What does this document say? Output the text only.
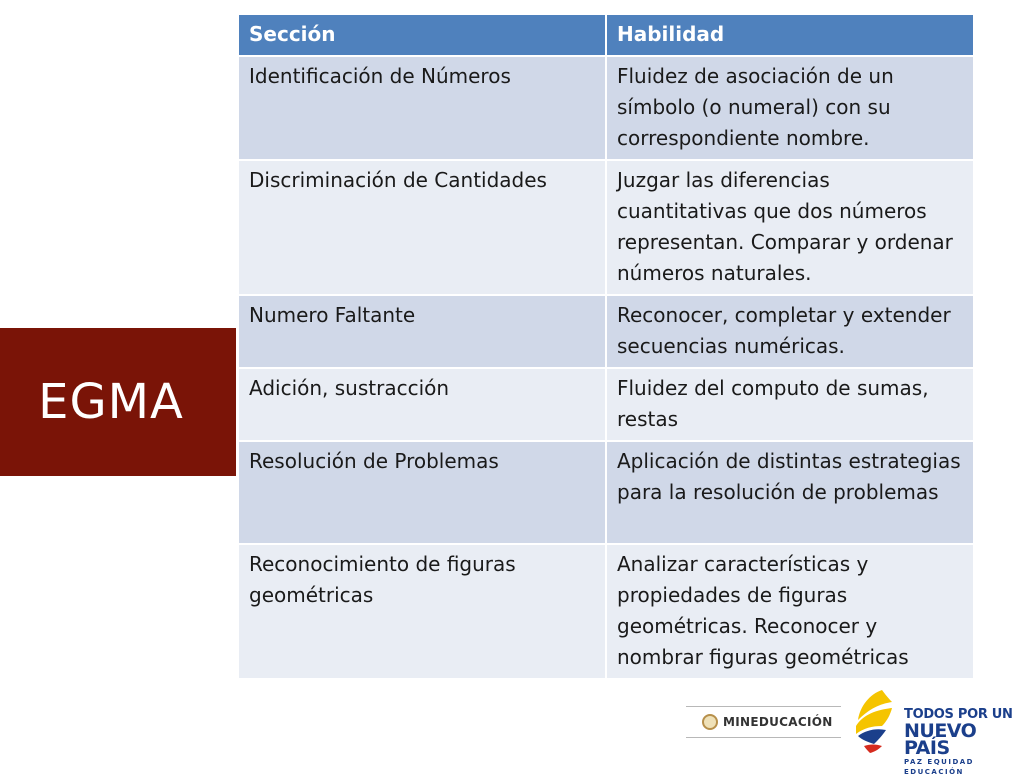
EGMA
Sección	Habilidad
Identificación de Números	Fluidez de asociación de un símbolo (o numeral) con su correspondiente nombre.
Discriminación de Cantidades	Juzgar las diferencias cuantitativas que dos números representan. Comparar y ordenar números naturales.
Numero Faltante	Reconocer, completar y extender secuencias numéricas.
Adición, sustracción	Fluidez del computo de sumas, restas
Resolución de Problemas	Aplicación de distintas estrategias para la resolución de problemas
Reconocimiento de figuras geométricas	Analizar características y propiedades de figuras geométricas. Reconocer y nombrar figuras geométricas
MINEDUCACIÓN	TODOS POR UN
NUEVO PAÍS
PAZ EQUIDAD EDUCACIÓN
